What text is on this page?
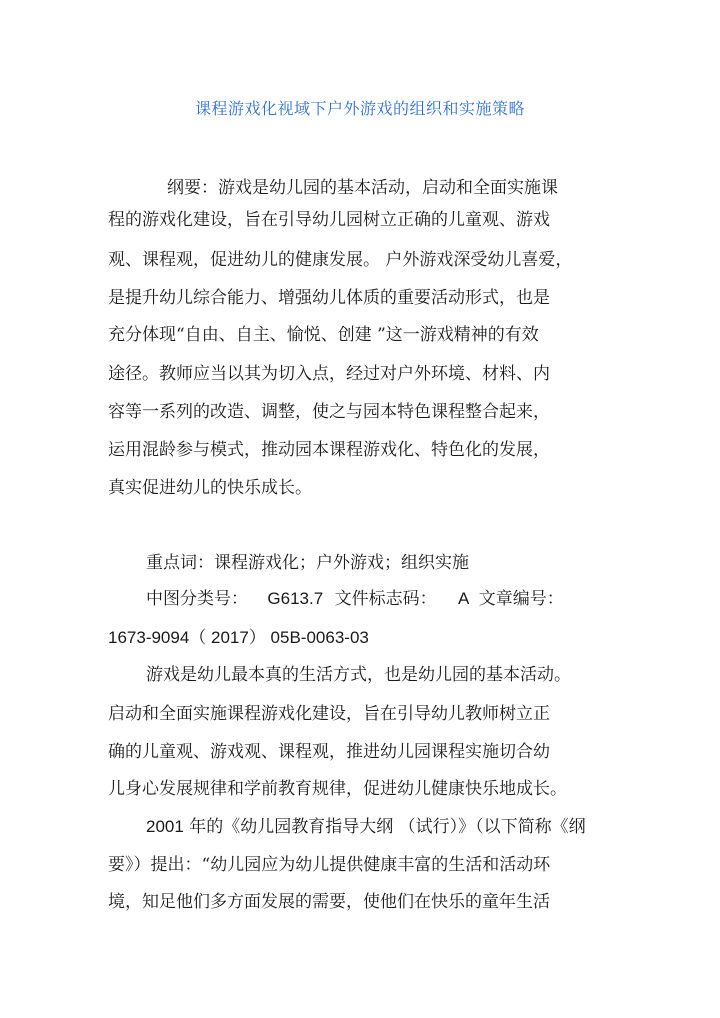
课程游戏化视域下户外游戏的组织和实施策略
纲要：游戏是幼儿园的基本活动，启动和全面实施课
程的游戏化建设，旨在引导幼儿园树立正确的儿童观、游戏
观、课程观，促进幼儿的健康发展。 户外游戏深受幼儿喜爱，
是提升幼儿综合能力、增强幼儿体质的重要活动形式，也是
充分体现“自由、自主、愉悦、创建 ”这一游戏精神的有效
途径。教师应当以其为切入点，经过对户外环境、材料、内
容等一系列的改造、调整，使之与园本特色课程整合起来，
运用混龄参与模式，推动园本课程游戏化、特色化的发展，
真实促进幼儿的快乐成长。
重点词：课程游戏化；户外游戏；组织实施
中图分类号： G613.7 文件标志码： A 文章编号：
1673-9094（ 2017） 05B-0063-03
游戏是幼儿最本真的生活方式，也是幼儿园的基本活动。
启动和全面实施课程游戏化建设，旨在引导幼儿教师树立正
确的儿童观、游戏观、课程观，推进幼儿园课程实施切合幼
儿身心发展规律和学前教育规律，促进幼儿健康快乐地成长。
2001 年的《幼儿园教育指导大纲 （试行）》（以下简称《纲
要》）提出：“幼儿园应为幼儿提供健康丰富的生活和活动环
境，知足他们多方面发展的需要，使他们在快乐的童年生活
